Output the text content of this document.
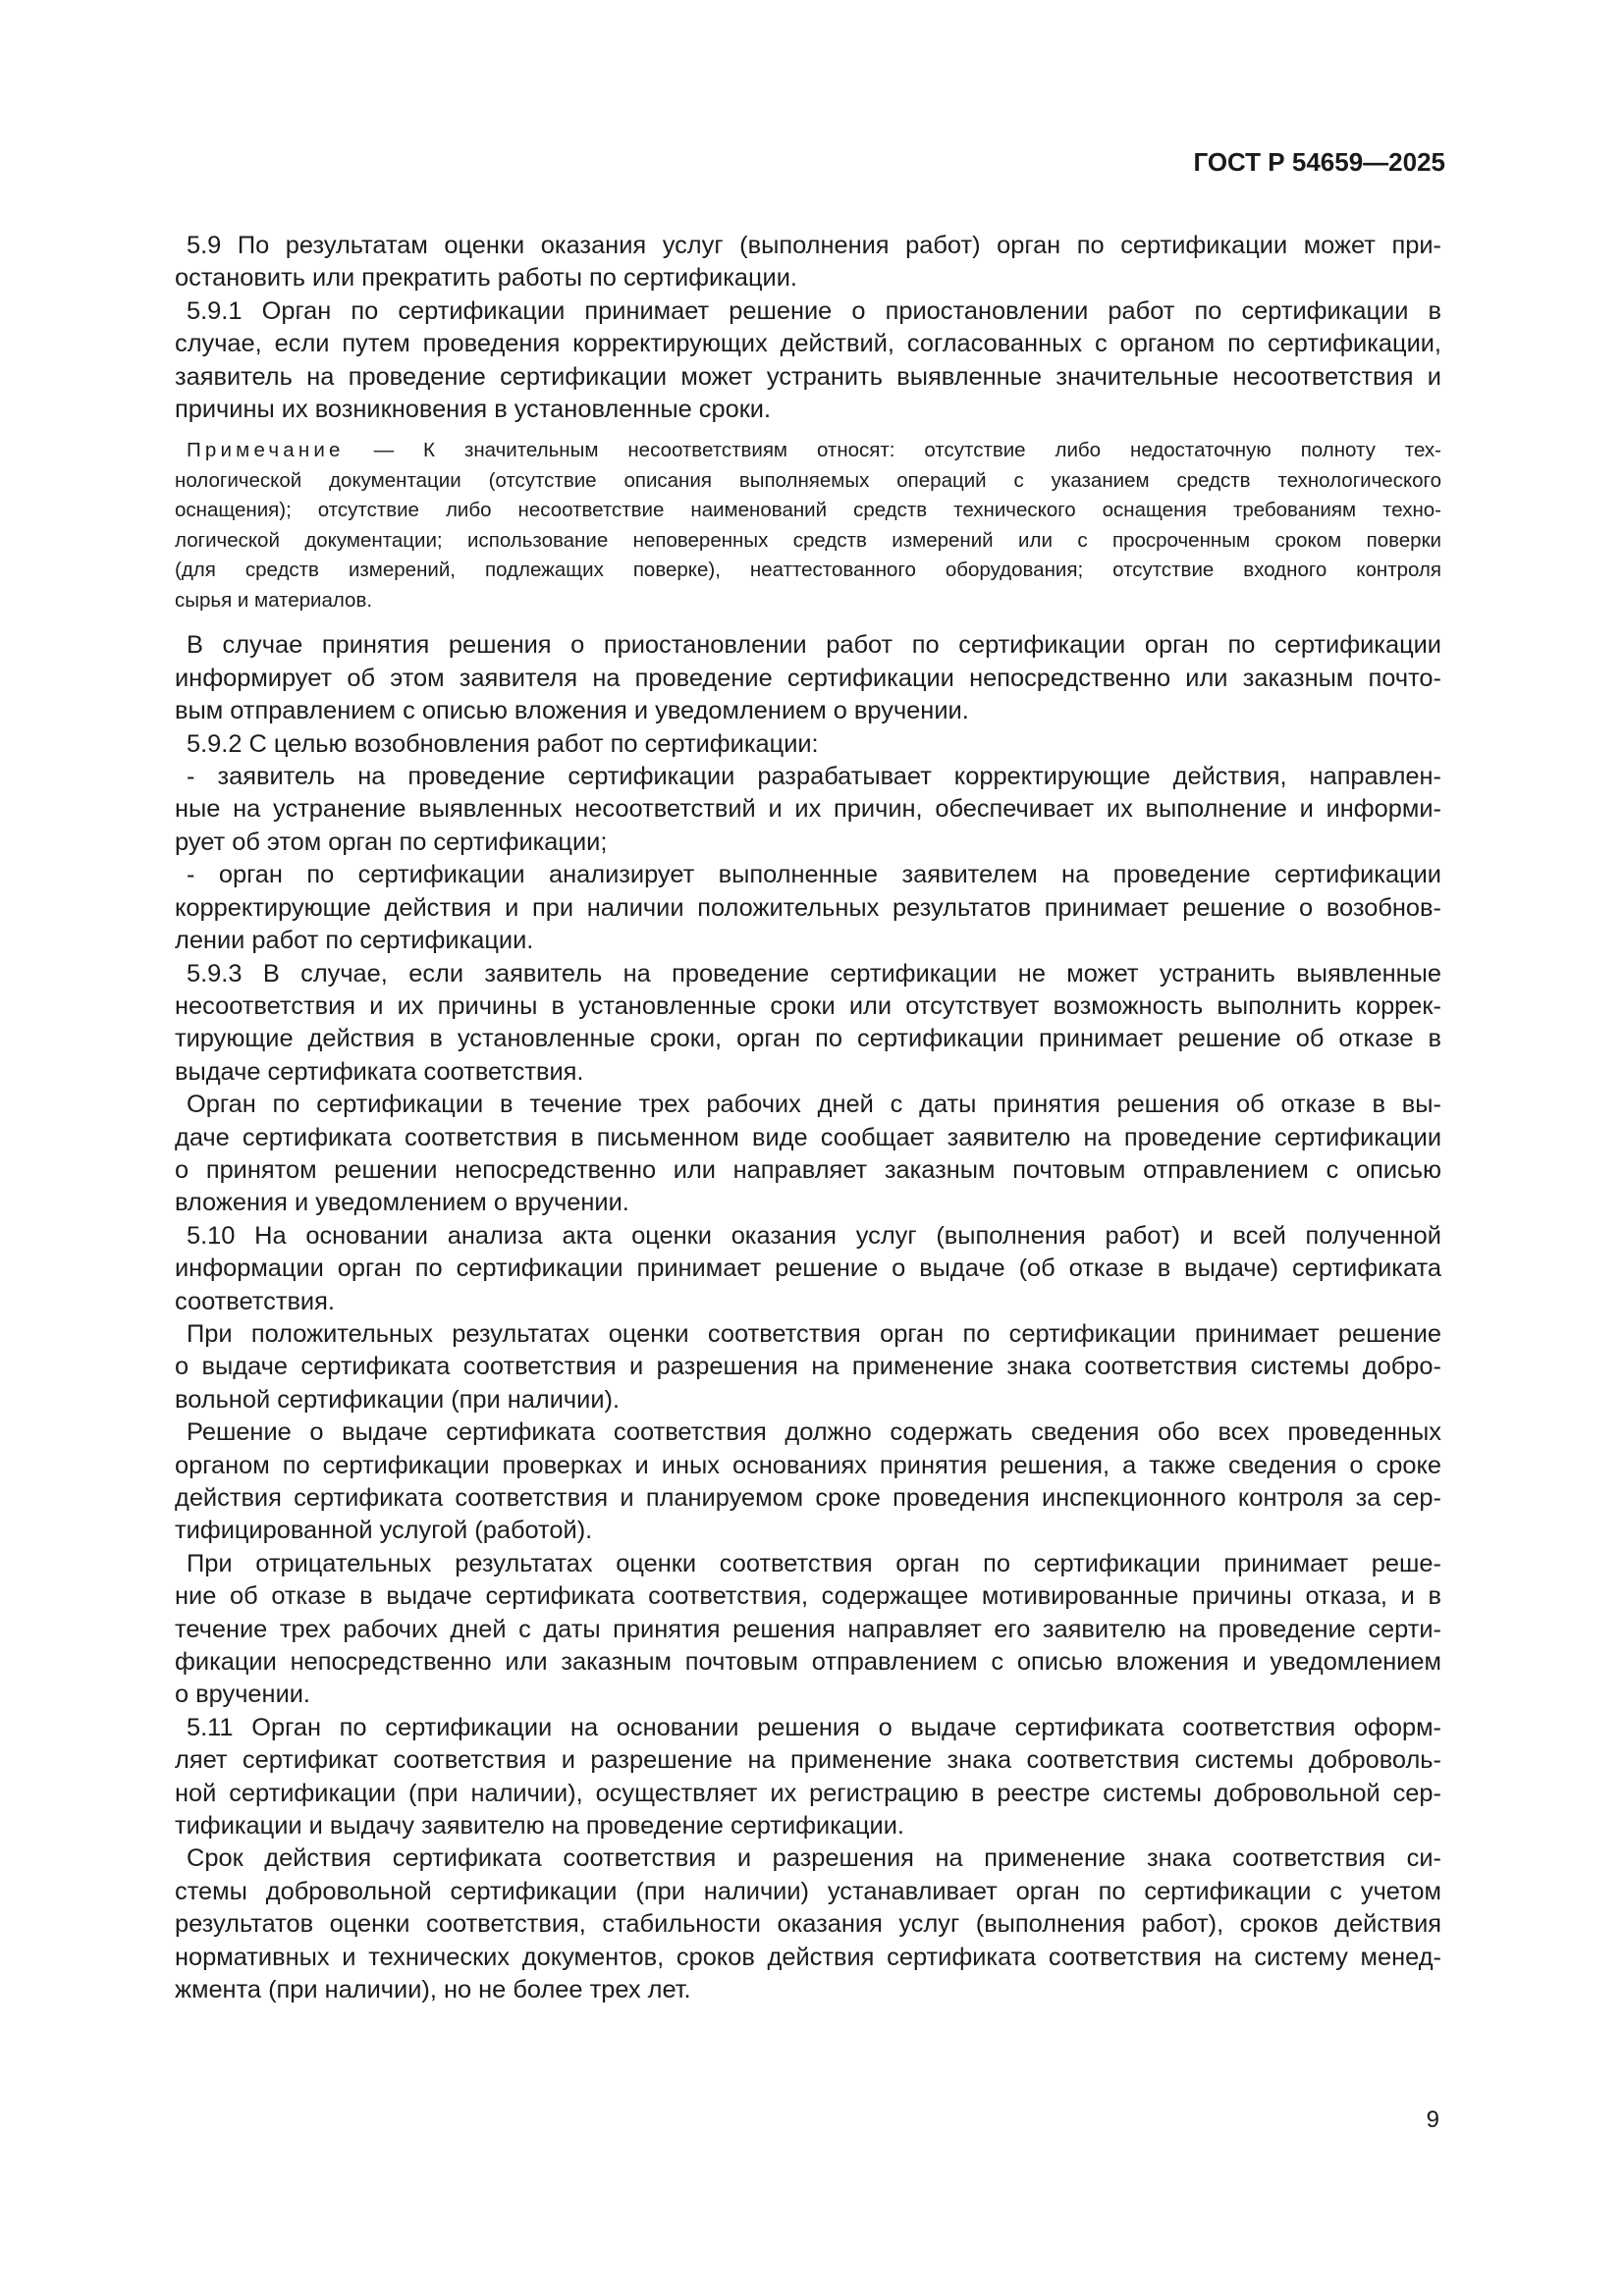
ГОСТ Р 54659—2025
5.9 По результатам оценки оказания услуг (выполнения работ) орган по сертификации может при-
остановить или прекратить работы по сертификации.
5.9.1 Орган по сертификации принимает решение о приостановлении работ по сертификации в
случае, если путем проведения корректирующих действий, согласованных с органом по сертификации,
заявитель на проведение сертификации может устранить выявленные значительные несоответствия и
причины их возникновения в установленные сроки.
Примечание — К значительным несоответствиям относят: отсутствие либо недостаточную полноту тех-
нологической документации (отсутствие описания выполняемых операций с указанием средств технологического
оснащения); отсутствие либо несоответствие наименований средств технического оснащения требованиям техно-
логической документации; использование неповеренных средств измерений или с просроченным сроком поверки
(для средств измерений, подлежащих поверке), неаттестованного оборудования; отсутствие входного контроля
сырья и материалов.
В случае принятия решения о приостановлении работ по сертификации орган по сертификации
информирует об этом заявителя на проведение сертификации непосредственно или заказным почто-
вым отправлением с описью вложения и уведомлением о вручении.
5.9.2 С целью возобновления работ по сертификации:
- заявитель на проведение сертификации разрабатывает корректирующие действия, направлен-
ные на устранение выявленных несоответствий и их причин, обеспечивает их выполнение и информи-
рует об этом орган по сертификации;
- орган по сертификации анализирует выполненные заявителем на проведение сертификации
корректирующие действия и при наличии положительных результатов принимает решение о возобнов-
лении работ по сертификации.
5.9.3 В случае, если заявитель на проведение сертификации не может устранить выявленные
несоответствия и их причины в установленные сроки или отсутствует возможность выполнить коррек-
тирующие действия в установленные сроки, орган по сертификации принимает решение об отказе в
выдаче сертификата соответствия.
Орган по сертификации в течение трех рабочих дней с даты принятия решения об отказе в вы-
даче сертификата соответствия в письменном виде сообщает заявителю на проведение сертификации
о принятом решении непосредственно или направляет заказным почтовым отправлением с описью
вложения и уведомлением о вручении.
5.10 На основании анализа акта оценки оказания услуг (выполнения работ) и всей полученной
информации орган по сертификации принимает решение о выдаче (об отказе в выдаче) сертификата
соответствия.
При положительных результатах оценки соответствия орган по сертификации принимает решение
о выдаче сертификата соответствия и разрешения на применение знака соответствия системы добро-
вольной сертификации (при наличии).
Решение о выдаче сертификата соответствия должно содержать сведения обо всех проведенных
органом по сертификации проверках и иных основаниях принятия решения, а также сведения о сроке
действия сертификата соответствия и планируемом сроке проведения инспекционного контроля за сер-
тифицированной услугой (работой).
При отрицательных результатах оценки соответствия орган по сертификации принимает реше-
ние об отказе в выдаче сертификата соответствия, содержащее мотивированные причины отказа, и в
течение трех рабочих дней с даты принятия решения направляет его заявителю на проведение серти-
фикации непосредственно или заказным почтовым отправлением с описью вложения и уведомлением
о вручении.
5.11 Орган по сертификации на основании решения о выдаче сертификата соответствия оформ-
ляет сертификат соответствия и разрешение на применение знака соответствия системы доброволь-
ной сертификации (при наличии), осуществляет их регистрацию в реестре системы добровольной сер-
тификации и выдачу заявителю на проведение сертификации.
Срок действия сертификата соответствия и разрешения на применение знака соответствия си-
стемы добровольной сертификации (при наличии) устанавливает орган по сертификации с учетом
результатов оценки соответствия, стабильности оказания услуг (выполнения работ), сроков действия
нормативных и технических документов, сроков действия сертификата соответствия на систему менед-
жмента (при наличии), но не более трех лет.
9
